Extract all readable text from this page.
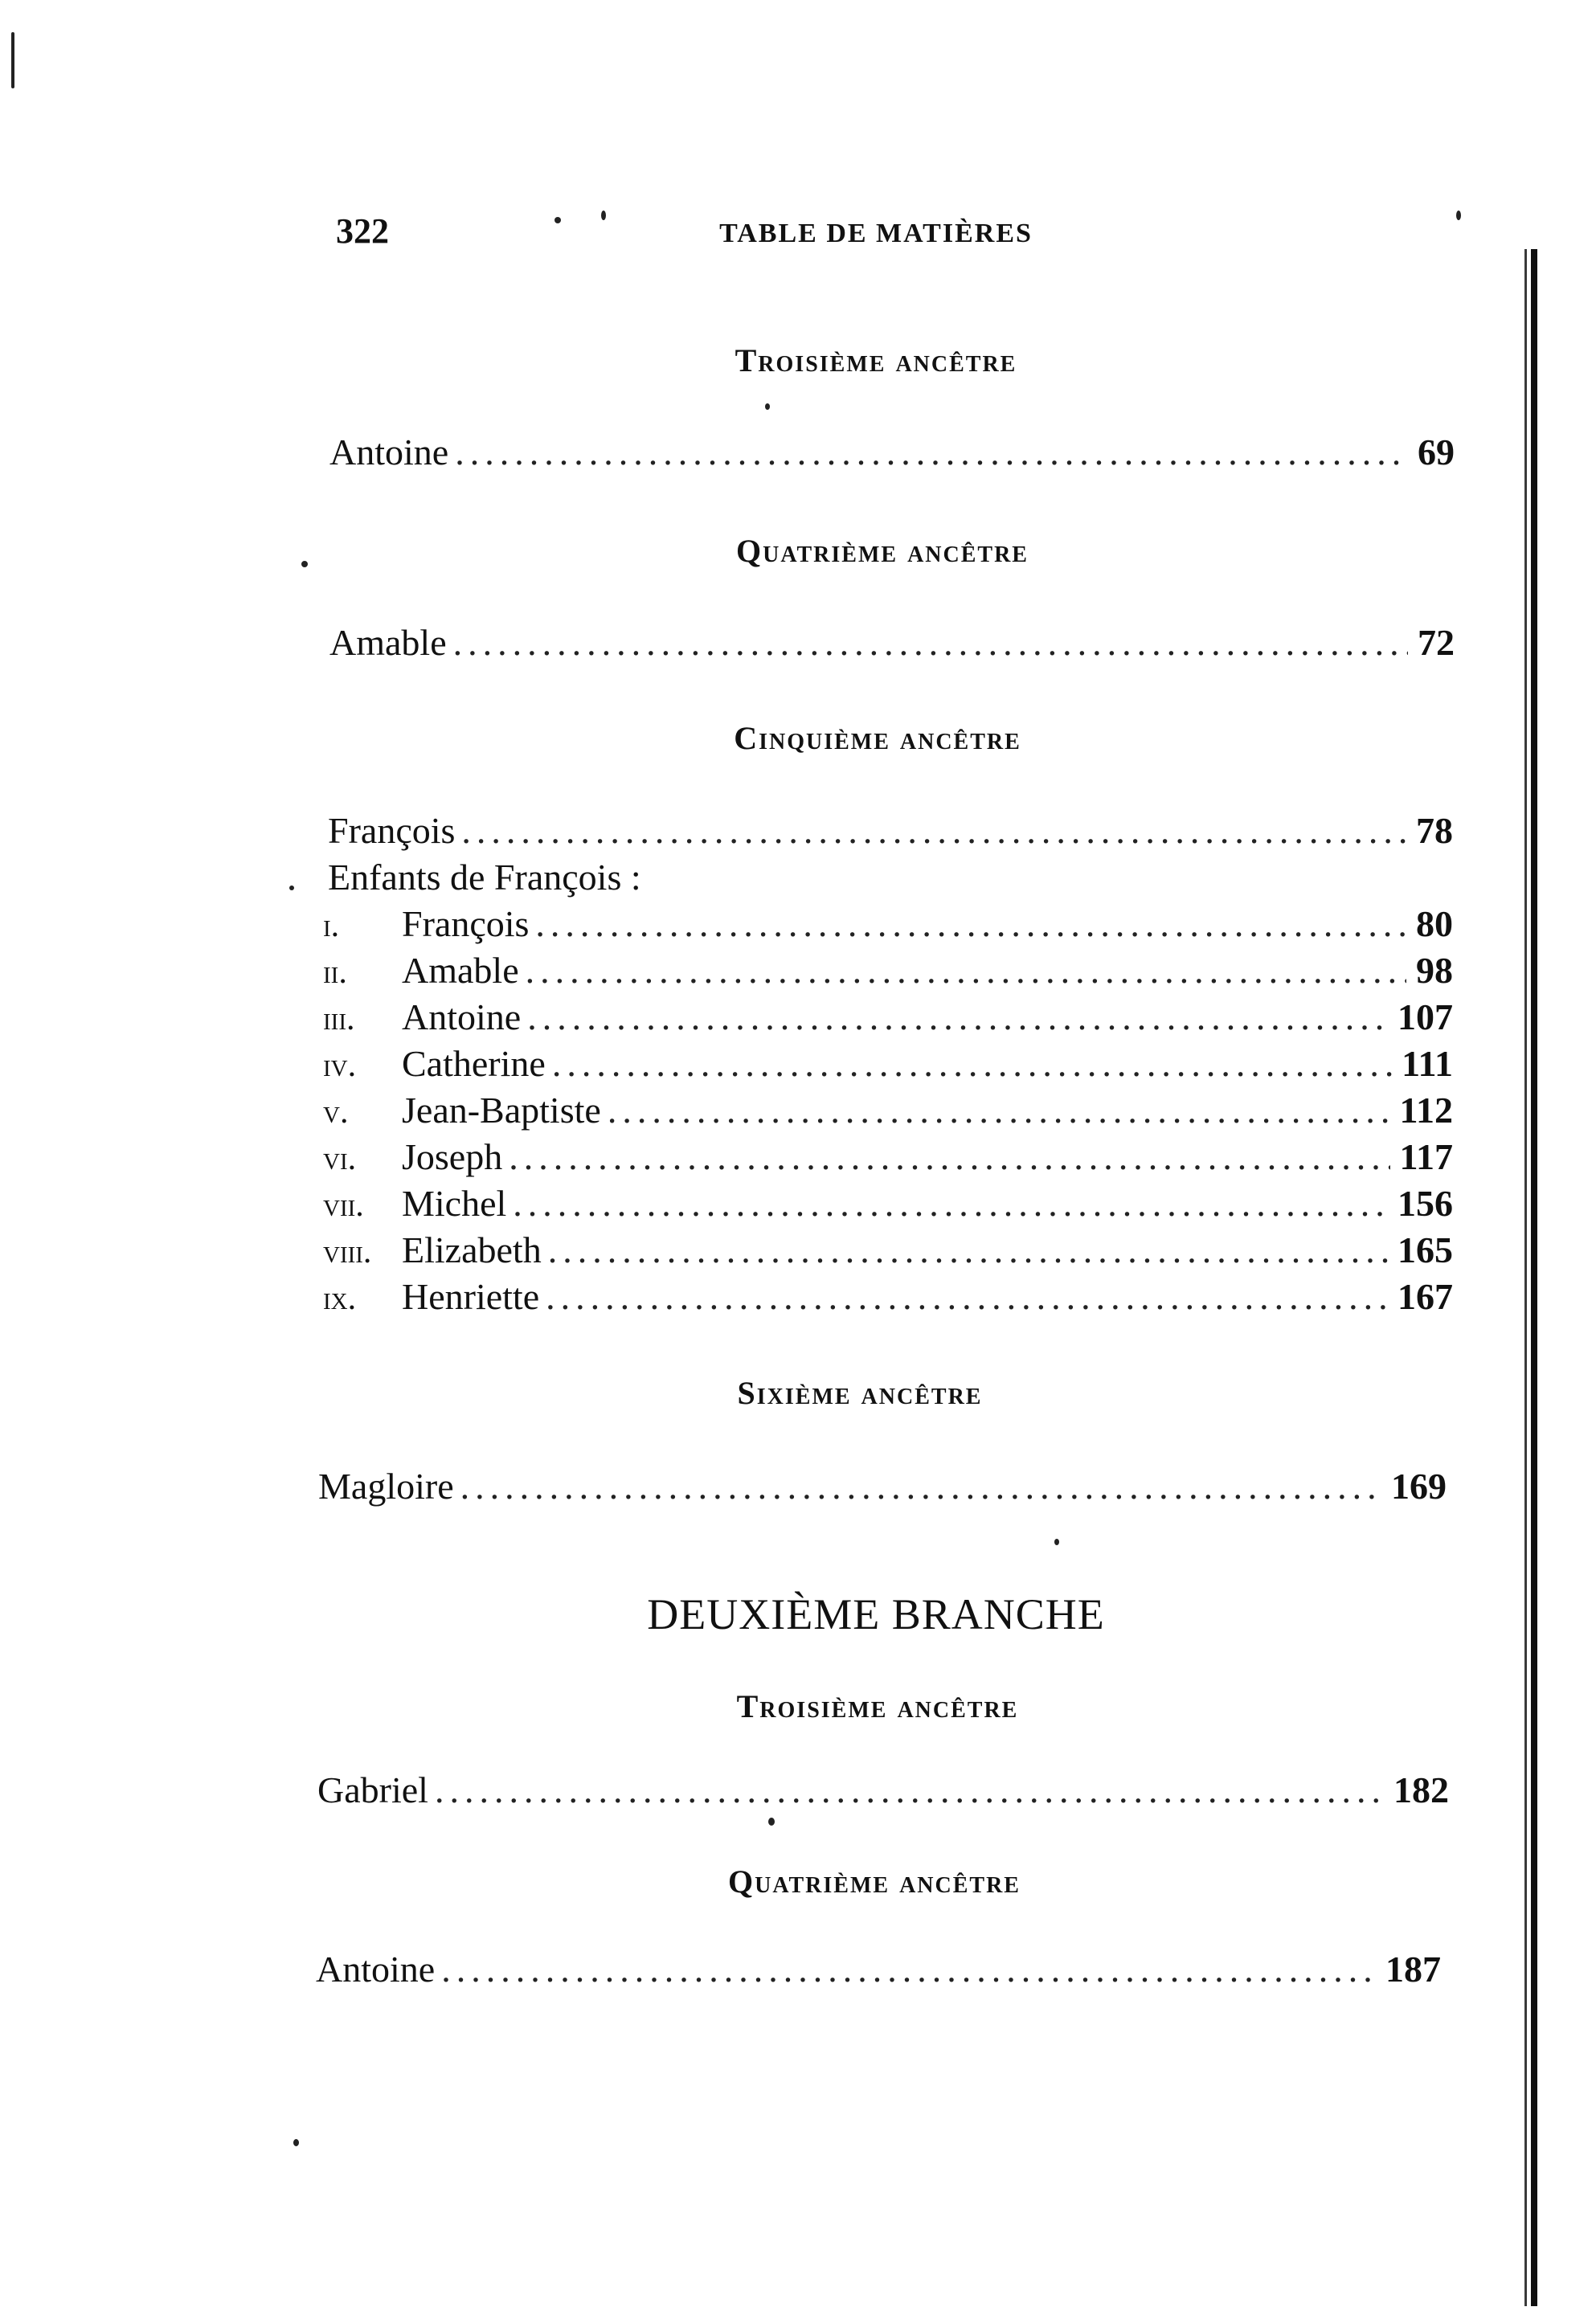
322	TABLE DE MATIÈRES
Troisième ancêtre
Antoine .....	69
Quatrième ancêtre
Amable .....	72
Cinquième ancêtre
François .....	78
Enfants de François :
i.	François .....	80
ii.	Amable .....	98
iii.	Antoine .....	107
iv.	Catherine .....	111
v.	Jean-Baptiste .....	112
vi.	Joseph .....	117
vii.	Michel .....	156
viii. Elizabeth .....	165
ix.	Henriette .....	167
Sixième ancêtre
Magloire .....	169
DEUXIÈME BRANCHE
Troisième ancêtre
Gabriel .....	182
Quatrième ancêtre
Antoine .....	187
